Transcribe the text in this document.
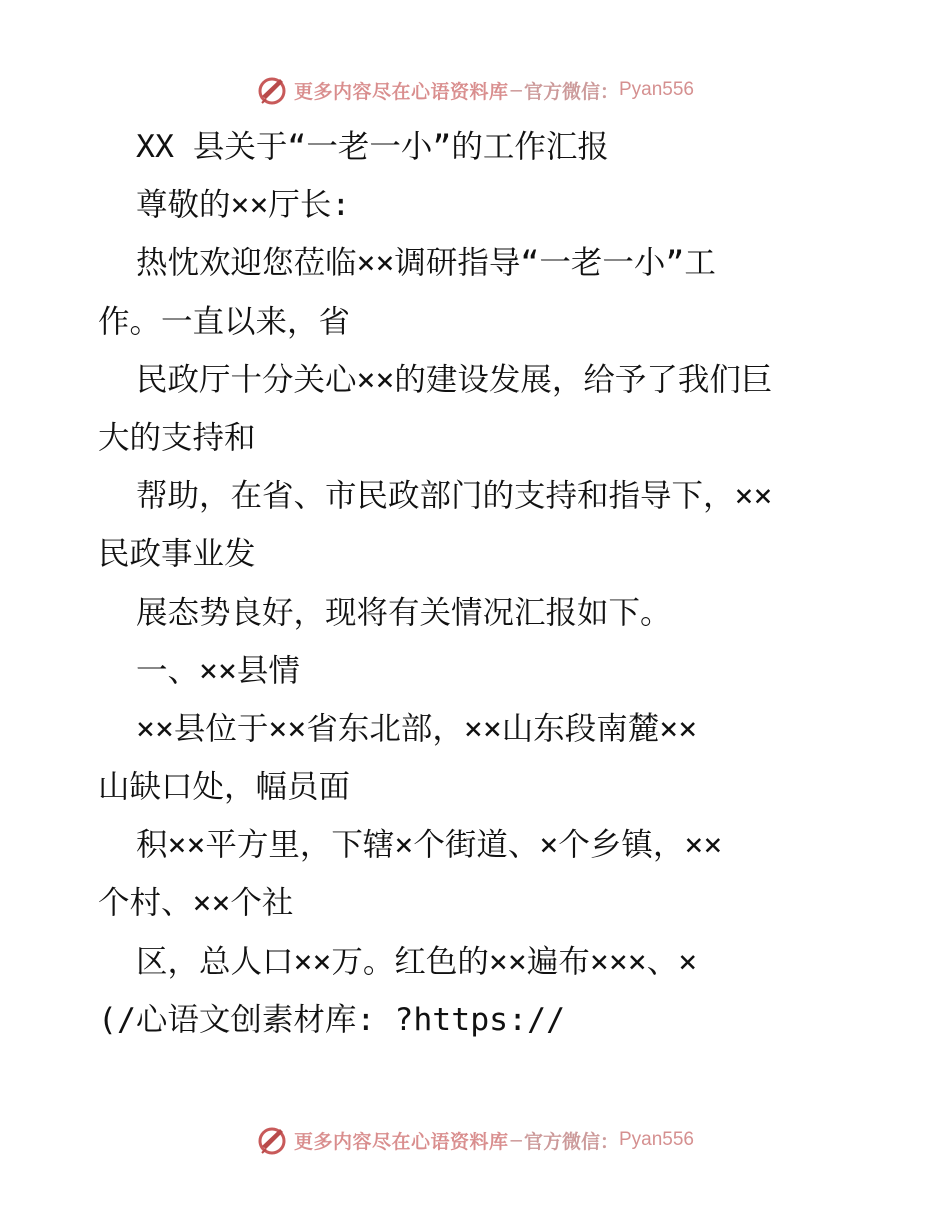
更多内容尽在心语资料库 — 官方微信： Pyan556
XX 县关于“一老一小”的工作汇报
尊敬的××厅长:
热忱欢迎您莅临××调研指导“一老一小”工
作。一直以来，省
民政厅十分关心××的建设发展，给予了我们巨
大的支持和
帮助，在省、市民政部门的支持和指导下，××
民政事业发
展态势良好，现将有关情况汇报如下。
一、××县情
××县位于××省东北部，××山东段南麓××
山缺口处，幅员面
积××平方里，下辖×个街道、×个乡镇，××
个村、××个社
区，总人口××万。红色的××遍布×××、×
(/心语文创素材库: ?https://
更多内容尽在心语资料库 — 官方微信： Pyan556
